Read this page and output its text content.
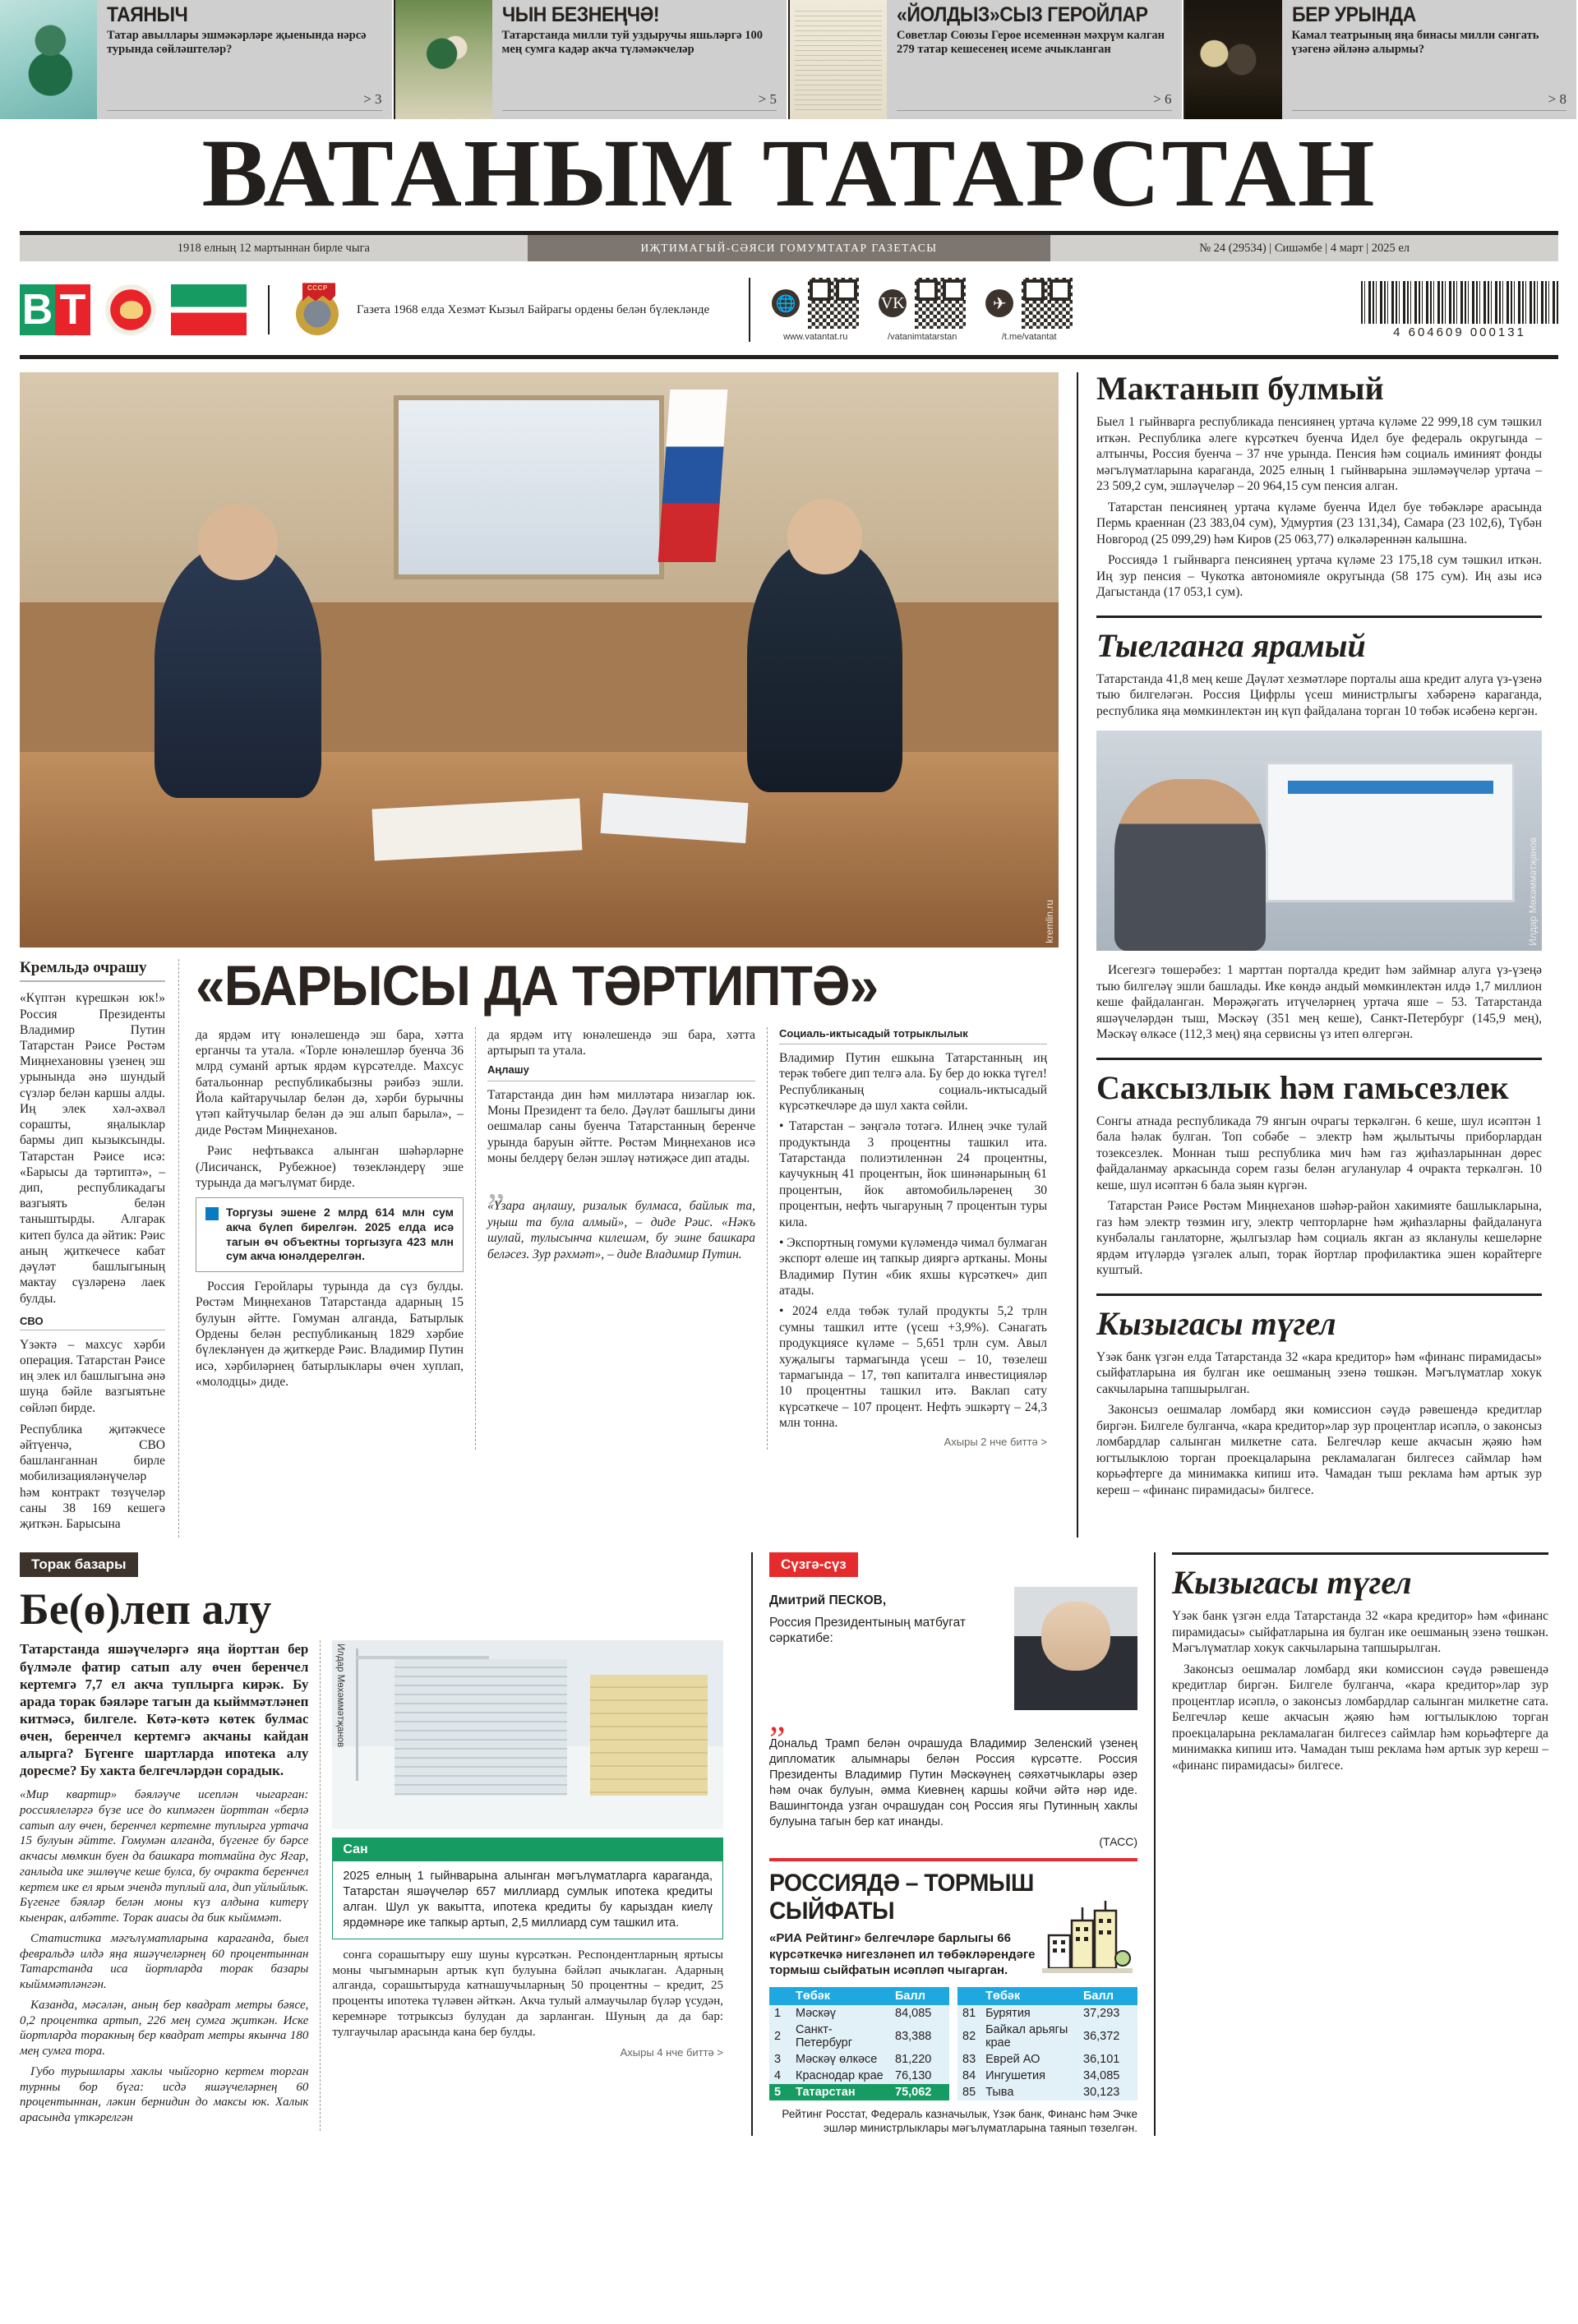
ТАЯНЫЧ
Татар авыллары эшмәкәрләре җыенында нәрсә турында сөйләштеләр?
> 3
ЧЫН БЕЗНЕҢЧӘ!
Татарстанда милли туй уздыручы яшьләргә 100 мең сумга кадәр акча түләмәкчеләр
> 5
«ЙОЛДЫЗ»СЫЗ ГЕРОЙЛАР
Советлар Союзы Герое исеменнән мәхрүм калган 279 татар кешесенең исеме ачыкланган
> 6
БЕР УРЫНДА
Камал театрының яңа бинасы милли сәнгать үзәгенә әйләнә алырмы?
> 8
ВАТАНЫМ ТАТАРСТАН
1918 елның 12 мартыннан бирле чыга	ИҖТИМАГЫЙ-СӘЯСИ ГОМУМТАТАР ГАЗЕТАСЫ	№ 24 (29534) | Сишәмбе | 4 март | 2025 ел
B
T
CCCP
Газета 1968 елда Хезмәт Кызыл Байрагы ордены белән бүлекләнде	🌐
www.vatantat.ru
VK
/vatanimtatarstan
✈
/t.me/vatantat	4 604609 000131
kremlin.ru
Кремльдә очрашу

«Күптән күрешкән юк!» Россия Президенты Владимир Путин Татарстан Рәисе Рөстәм Миңнехановны үзенең эш урынында әнә шундый сүзләр белән каршы алды. Иң элек хәл-әхвәл сорашты, яңалыклар бармы дип кызыксынды. Татарстан Рәисе исә: «Барысы да тәртиптә», – дип, республикадагы вазгыять белән таныштырды. Алгарак китеп булса да әйтик: Рәис аның җиткечесе кабат дәүләт башлыгының мактау сүзләренә лаек булды.

СВО

Үзәктә – махсус хәрби операция. Татарстан Рәисе иң элек ил башлыгына әнә шуңа бәйле вазгыятьне сөйләп бирде.

Республика җитәкчесе әйтүенчә, СВО башланганнан бирле мобилизацияләнүчеләр һәм контракт төзүчеләр саны 38 169 кешегә җиткән. Барысына

«БАРЫСЫ ДА ТӘРТИПТӘ»

да ярдәм итү юнәлешендә эш бара, хәтта ерганчы та утала. «Торле юнәлешләр буенча 36 млрд суманй артык ярдәм күрсәтелде. Махсус батальоннар республикабызны рәибәз эшли. Йола кайтаручылар белән дә, хәрби бурычны үтәп кайтучылар белән дә эш алып барыла», – диде Рөстәм Миңнеханов.

Рәис нефтьвакса алынган шәһәрләрне (Лисичанск, Рубежное) төзекләндерү эше турында да мәгълүмат бирде.

Торгузы эшене 2 млрд 614 млн сум акча бүлеп бирелгән. 2025 елда исә тагын өч объектны торгызуга 423 млн сум акча юнәлдерелгән.

Россия Геройлары турында да сүз булды. Рөстәм Миңнеханов Татарстанда адарның 15 булуын әйтте. Гомуман алганда, Батырлык Ордены белән республиканың 1829 хәрбие бүлекләнүен дә җиткерде Рәис. Владимир Путин исә, хәрбиләрнең батырлыклары өчен хуплап, «молодцы» диде.

да ярдәм итү юнәлешендә эш бара, хәтта артырып та утала.

Аңлашу

Татарстанда дин һәм милләтара низаглар юк. Моны Президент та бело. Дәүләт башлыгы дини оешмалар саны буенча Татарстанның беренче урында баруын әйтте. Рөстәм Миңнеханов исә моны белдерү белән эшләү нәтиҗәсе дип атады.

„
«Үзара аңлашу, ризалык булмаса, байлык та, уңыш та була алмый», – диде Рәис. «Нәкъ шулай, тулысынча килешәм, бу эшне башкара беләсез. Зур рәхмәт», – диде Владимир Путин.
Социаль-иктысадый тотрыклылык

Владимир Путин ешкына Татарстанның иң терәк төбеге дип телгә ала. Бу бер до юкка түгел! Республиканың социаль-иктысадый күрсәткечләре дә шул хакта сөйли.

• Татарстан – зәңгәлә тотәгә. Илнең эчке тулай продуктында 3 процентны ташкил ита. Татарстанда полиэтиленнән 24 процентны, каучукның 41 процентын, йок шинәнарының 61 процентын, йок автомобильләренең 30 процентын, нефть чыгаруның 7 процентын туры кила.

• Экспортның гомуми күләмендә чимал булмаган экспорт өлеше иң тапкыр дияргә артканы. Моны Владимир Путин «бик яхшы күрсәткеч» дип атады.

• 2024 елда төбәк тулай продукты 5,2 трлн сумны ташкил итте (үсеш +3,9%). Сәнагать продукциясе күләме – 5,651 трлн сум. Авыл хуҗалыгы тармагында үсеш – 10, төзелеш тармагында – 17, төп капиталга инвестицияләр 10 процентны ташкил итә. Ваклап сату күрсәткече – 107 процент. Нефть эшкәртү – 24,3 млн тонна.

Ахыры 2 нче биттә >
Мактанып булмый

Быел 1 гыйнварга республикада пенсиянең уртача күләме 22 999,18 сум тәшкил иткән. Республика әлеге күрсәткеч буенча Идел буе федераль округында – алтынчы, Россия буенча – 37 нче урында. Пенсия һәм социаль иминият фонды мәгълүматларына караганда, 2025 елның 1 гыйнварына эшләмәүчеләр уртача – 23 509,2 сум, эшләүчеләр – 20 964,15 сум пенсия алган.

Татарстан пенсиянең уртача күләме буенча Идел буе төбәкләре арасында Пермь краеннан (23 383,04 сум), Удмуртия (23 131,34), Самара (23 102,6), Түбән Новгород (25 099,29) һәм Киров (25 063,77) өлкәләреннән калышна.

Россиядә 1 гыйнварга пенсиянең уртача күләме 23 175,18 сум тәшкил иткән. Иң зур пенсия – Чукотка автономияле округында (58 175 сум). Иң азы исә Дагыстанда (17 053,1 сум).

Тыелганга ярамый

Татарстанда 41,8 мең кеше Дәүләт хезмәтләре порталы аша кредит алуга үз-үзенә тыю билгеләгән. Россия Цифрлы үсеш министрлыгы хәбәренә караганда, республика яңа мөмкинлектән иң күп файдалана торган 10 төбәк исәбенә кергән.

Илдар Мөхәммәтҗанов

Исегезгә төшерәбез: 1 марттан порталда кредит һәм займнар алуга үз-үзеңә тыю билгеләү эшли башлады. Ике көндә андый мөмкинлектән илдә 1,7 миллион кеше файдаланган. Мөрәҗәгать итүчеләрнең уртача яше – 53. Татарстанда яшәүчеләрдән тыш, Мәскәү (351 мең кеше), Санкт-Петербург (145,9 мең), Мәскәү өлкәсе (112,3 мең) яңа сервисны үз итеп өлгергән.

Саксызлык һәм гамьсезлек

Сонгы атнада республикада 79 янгын очрагы теркәлгән. 6 кеше, шул исәптән 1 бала һәлак булган. Топ собәбе – электр һәм җылытычы приборлардан тозексезлек. Моннан тыш республика мич һәм газ җиһазларыннан дөрес файдаланмау аркасында сорем газы белән агуланулар 4 очракта теркәлгән. 10 кеше, шул исәптән 6 бала зыян күргән.

Татарстан Рәисе Рөстәм Миңнеханов шәһәр-район хакимияте башлыкларына, газ һәм электр төзмин игу, электр чепторларне һәм җиһазларны файдалануга кунбәлалы ганлаторне, җылгызлар һәм социаль якган аз якланулы кешеләрне ярдәм итүләрдә үзгәлек алып, торак йортлар профилактика эшен корайтерге куштый.

Кызыгасы түгел

Үзәк банк үзгән елда Татарстанда 32 «кара кредитор» һәм «финанс пирамидасы» сыйфатларына ия булган ике оешманың эзенә төшкән. Мәгълүматлар хокук сакчыларына тапшырылган.

Законсыз оешмалар ломбард яки комиссион сәүдә рәвешендә кредитлар биргән. Билгеле булганча, «кара кредитор»лар зур процентлар исәплә, о законсыз ломбардлар салынган милкетне сата. Белгечләр кеше акчасын җәяю һәм югтылыклою торган проекцаларына рекламалаган билгесез саймлар һәм корьәфтерге да минимакка кипиш итә. Чамадан тыш реклама һәм артык зур кереш – «финанс пирамидасы» билгесе.

Торак базары
Бе(ө)леп алу
Татарстанда яшәүчеләргә яңа йорттан бер бүлмәле фатир сатып алу өчен беренчел кертемгә 7,7 ел акча туплырга кирәк. Бу арада торак бәяләре тагын да кыйммәтләнеп китмәсә, билгеле. Көтә-көтә көтек булмас өчен, беренчел кертемгә акчаны кайдан алырга? Бүгенге шартларда ипотека алу доресме? Бу хакта белгечләрдән сорадык.

«Мир квартир» бәяләүче исеплән чыгарган: россиялеләргә бүзе исе до кипмәген йорттан «берлә сатып алу өчен, беренчел кертемне туплырга уртача 15 булуын әйтте. Гомумән алганда, бүгенге бу бәрсе акчасы мөмкин буен да башкара тотмайна дус Ягар, ганлыда ике эшлөүче кеше булса, бу очракта беренчел кертем ике ел ярым эчендә туплый ала, дип уйлыйлык. Бүгенге бәяләр белән моны күз алдына китерү кыенрак, албәтте. Торак аиасы да бик кыйммәт.

Статистика мәгълүматларына караганда, быел февральдә илдә яңа яшәүчеләрнең 60 процентыннан Татарстанда иса йортларда торак базары кыйммәтләнгән.

Казанда, мәсәлән, аның бер квадрат метры бәясе, 0,2 процентка артып, 226 мең сумга җиткән. Иске йортларда торакның бер квадрат метры якынча 180 мең сумга тора.

Губо турышлары хаклы чыйгорно кертем торган турнны бор бүга: исдә яшәүчеләрнең 60 процентыннан, ләкин бернидин до максы юк. Халык арасында үткәрелгән

Илдар Мөхәммәтҗанов
Сан
2025 елның 1 гыйнварына алынган мәгълүматларга караганда, Татарстан яшәүчеләр 657 миллиард сумлык ипотека кредиты алган. Шул ук вакытта, ипотека кредиты бу карыздан киелү ярдәмнәре ике тапкыр артып, 2,5 миллиард сум ташкил ита.

сонга сорашытыру ешу шуны күрсәткән. Респондентларның яртысы моны чыгымнарын артык күп булуына бәйләп ачыклаган. Адарның алганда, сорашытыруда катнашучыларның 50 процентны – кредит, 25 проценты ипотека түләвен әйткән. Акча тулый алмаучылар бүләр үсудән, керемнәре тотрыксыз булудан да зарланган. Шуның да да бар: тулгаучылар арасында кана бер булды.

Ахыры 4 нче биттә >
Сүзгә-сүз
Дмитрий ПЕСКОВ,
Россия Президентының матбугат сәркатибе:
„
Дональд Трамп белән очрашуда Владимир Зеленский үзенең дипломатик алымнары белән Россия күрсәтте. Россия Президенты Владимир Путин Мәскәүнең сәяхәтчыклары әзер һәм очак булуын, әмма Киевнең каршы койчи әйтә нәр иде. Вашингтонда узган очрашудан соң Россия ягы Путинның хаклы булуына тагын бер кат инанды.
(ТАСС)
РОССИЯДӘ – ТОРМЫШ СЫЙФАТЫ
«РИА Рейтинг» белгечләре барлыгы 66 күрсәткечкә нигезләнеп ил төбәкләрендәге тормыш сыйфатын исәпләп чыгарган.
	Төбәк	Балл
1	Мәскәү	84,085
2	Санкт-Петербург	83,388
3	Мәскәү өлкәсе	81,220
4	Краснодар крае	76,130
5	Татарстан	75,062
	Төбәк	Балл
81	Бурятия	37,293
82	Байкал арьягы крае	36,372
83	Еврей АО	36,101
84	Ингушетия	34,085
85	Тыва	30,123
Рейтинг Росстат, Федераль казначылык, Үзәк банк, Финанс һәм Эчке эшләр министрлыклары мәгълүматларына таянып төзелгән.
Кызыгасы түгел

Үзәк банк үзгән елда Татарстанда 32 «кара кредитор» һәм «финанс пирамидасы» сыйфатларына ия булган ике оешманың эзенә төшкән. Мәгълүматлар хокук сакчыларына тапшырылган.

Законсыз оешмалар ломбард яки комиссион сәүдә рәвешендә кредитлар биргән. Билгеле булганча, «кара кредитор»лар зур процентлар исәплә, о законсыз ломбардлар салынган милкетне сата. Белгечләр кеше акчасын җәяю һәм югтылыклою торган проекцаларына рекламалаган билгесез саймлар һәм корьәфтерге да минимакка кипиш итә. Чамадан тыш реклама һәм артык зур кереш – «финанс пирамидасы» билгесе.
